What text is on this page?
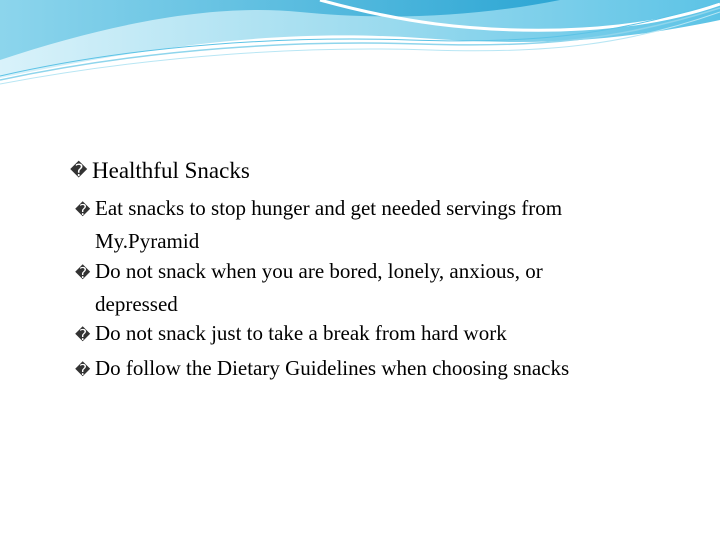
� Healthful Snacks
� Eat snacks to stop hunger and get needed servings from
My.Pyramid
� Do not snack when you are bored, lonely, anxious, or
depressed
� Do not snack just to take a break from hard work
� Do follow the Dietary Guidelines when choosing snacks
